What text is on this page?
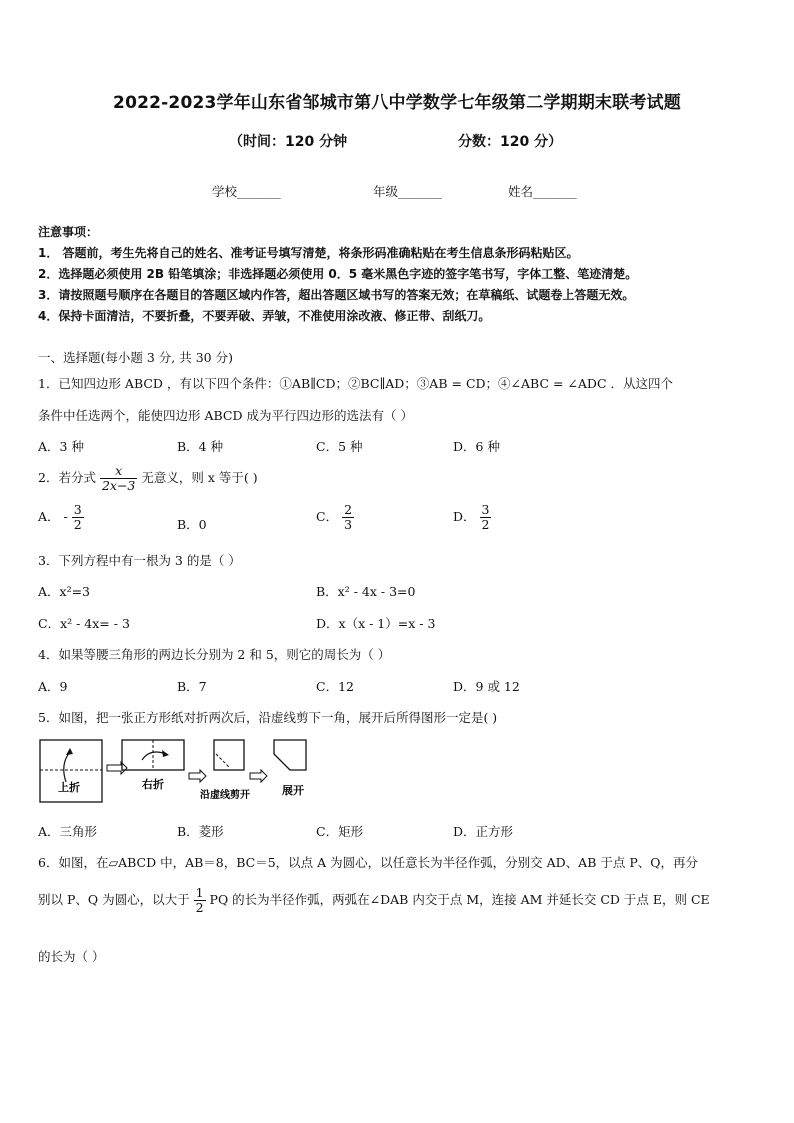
2022-2023学年山东省邹城市第八中学数学七年级第二学期期末联考试题
（时间：120 分钟	分数：120 分）
学校_______	年级_______	姓名_______
注意事项：
1． 答题前，考生先将自己的姓名、准考证号填写清楚，将条形码准确粘贴在考生信息条形码粘贴区。
2．选择题必须使用 2B 铅笔填涂；非选择题必须使用 0．5 毫米黑色字迹的签字笔书写，字体工整、笔迹清楚。
3．请按照题号顺序在各题目的答题区域内作答，超出答题区域书写的答案无效；在草稿纸、试题卷上答题无效。
4．保持卡面清洁，不要折叠，不要弄破、弄皱，不准使用涂改液、修正带、刮纸刀。
一、选择题(每小题 3 分, 共 30 分)
1．已知四边形 ABCD ，有以下四个条件：①AB∥CD；②BC∥AD；③AB = CD；④∠ABC = ∠ADC ．从这四个
条件中任选两个，能使四边形 ABCD 成为平行四边形的选法有（ ）
A．3 种	B．4 种	C．5 种	D．6 种
2．若分式 $\frac{x}{2x-3}$ 无意义，则 x 等于( )
A． - $\frac{3}{2}$	B．0
C． $\frac{2}{3}$	D． $\frac{3}{2}$
3．下列方程中有一根为 3 的是（ ）
A．x²=3	B．x² - 4x - 3=0
C．x² - 4x= - 3	D．x（x - 1）=x - 3
4．如果等腰三角形的两边长分别为 2 和 5，则它的周长为（ ）
A．9	B．7	C．12	D．9 或 12
5．如图，把一张正方形纸对折两次后，沿虚线剪下一角，展开后所得图形一定是( )
上折	右折
沿虚线剪开	展开
A．三角形	B．菱形	C．矩形	D．正方形
6．如图，在▱ABCD 中，AB＝8，BC＝5，以点 A 为圆心，以任意长为半径作弧，分别交 AD、AB 于点 P、Q，再分
别以 P、Q 为圆心，以大于 $\frac{1}{2}$ PQ 的长为半径作弧，两弧在∠DAB 内交于点 M，连接 AM 并延长交 CD 于点 E，则 CE
的长为（ ）
